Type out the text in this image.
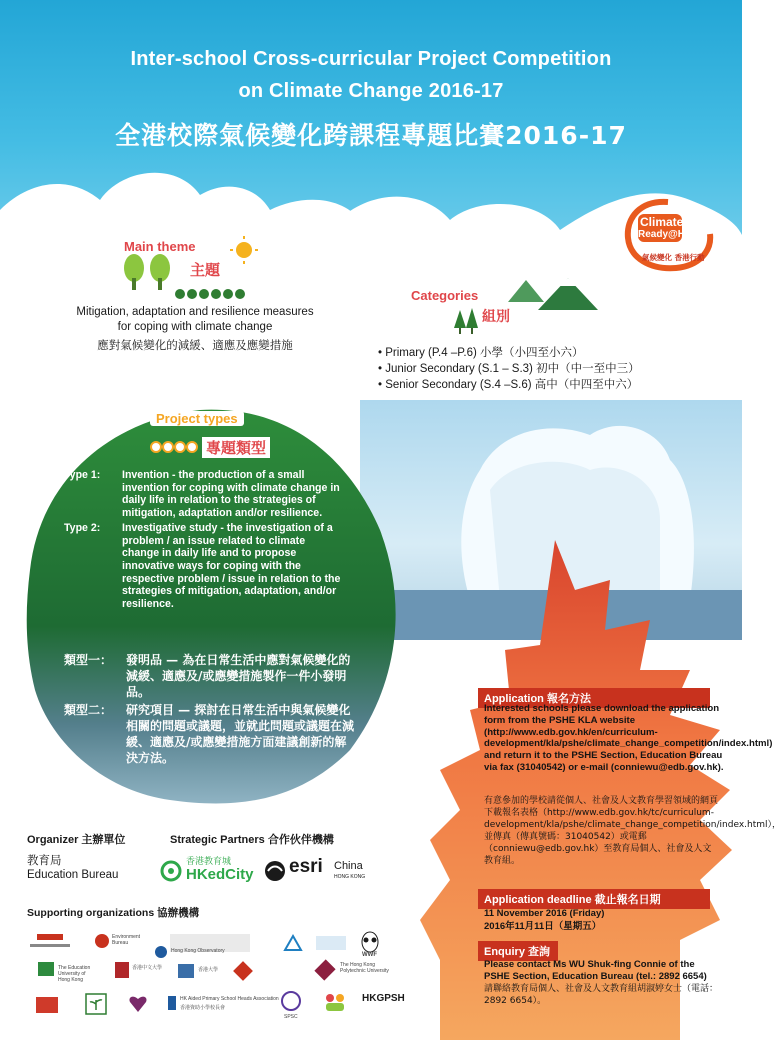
Inter-school Cross-curricular Project Competition
on Climate Change 2016-17
全港校際氣候變化跨課程專題比賽2016-17
Climate
Ready@HK
氣候變化 香港行動
Main theme
主題
Mitigation, adaptation and resilience measures
for coping with climate change
應對氣候變化的減緩、適應及應變措施
Categories
組別
• Primary (P.4 –P.6) 小學（小四至小六）
• Junior Secondary (S.1 – S.3) 初中（中一至中三）
• Senior Secondary (S.4 –S.6) 高中（中四至中六）
Project types
專題類型
Type 1:	Invention - the production of a small invention for coping with climate change in daily life in relation to the strategies of mitigation, adaptation and/or resilience.
Type 2:	Investigative study - the investigation of a problem / an issue related to climate change in daily life and to propose innovative ways for coping with the respective problem / issue in relation to the strategies of mitigation, adaptation, and/or resilience.
類型一：	發明品 — 為在日常生活中應對氣候變化的減緩、適應及/或應變措施製作一件小發明品。
類型二：	研究項目 — 探討在日常生活中與氣候變化相關的問題或議題，並就此問題或議題在減緩、適應及/或應變措施方面建議創新的解決方法。
Application 報名方法
Interested schools please download the application form from the PSHE KLA website (http://www.edb.gov.hk/en/curriculum-development/kla/pshe/climate_change_competition/index.html) and return it to the PSHE Section, Education Bureau via fax (31040542) or e-mail (conniewu@edb.gov.hk).
有意參加的學校請從個人、社會及人文教育學習領域的網頁下載報名表格（http://www.edb.gov.hk/tc/curriculum-development/kla/pshe/climate_change_competition/index.html），並傳真（傳真號碼：31040542）或電郵（conniewu@edb.gov.hk）至教育局個人、社會及人文教育組。
Application deadline 截止報名日期
11 November 2016 (Friday)
2016年11月11日（星期五）
Enquiry 查詢
Please contact Ms WU Shuk-fing Connie of the PSHE Section, Education Bureau (tel.: 2892 6654)
請聯絡教育局個人、社會及人文教育組胡淑婷女士（電話：2892 6654）。
Organizer 主辦單位
教育局
Education Bureau
Strategic Partners 合作伙伴機構
香港教育城
HKedCity esri China
HONG KONG
Supporting organizations 協辦機構
Environment Bureau
Hong Kong Observatory
WWF
The Education University of Hong Kong
香港中文大學	香港大學
The Hong Kong Polytechnic University
HK Aided Primary School Heads Association
香港資助小學校長會
SPSC
HKGPSH
